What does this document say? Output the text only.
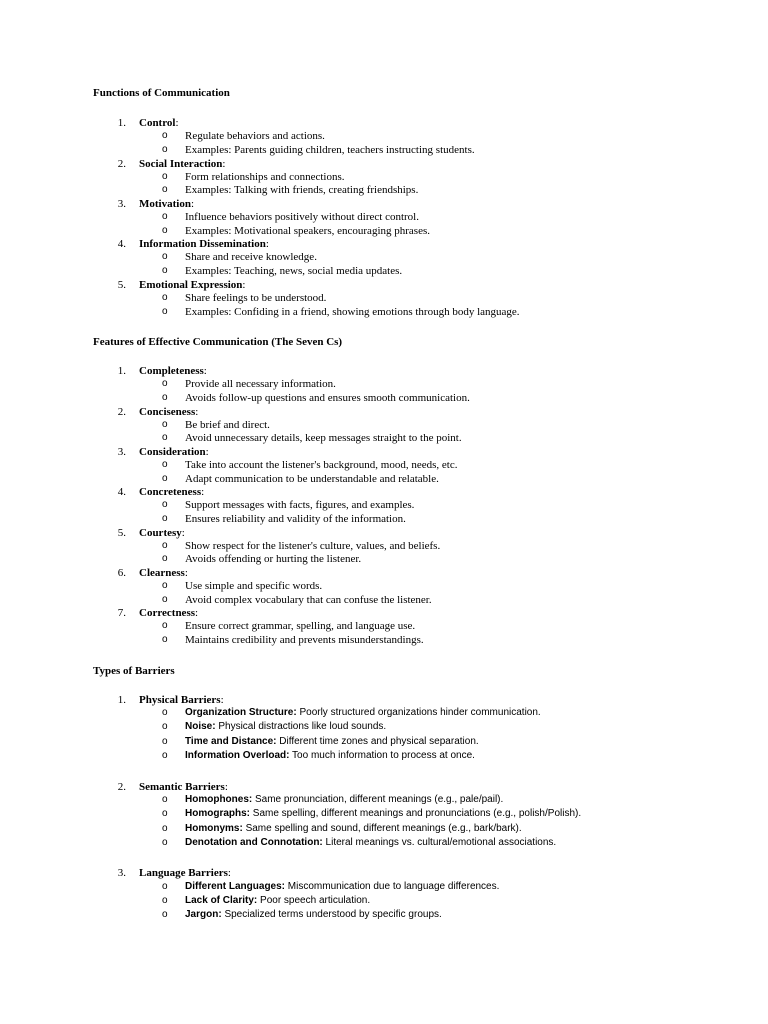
Functions of Communication
1. Control:
o Regulate behaviors and actions.
o Examples: Parents guiding children, teachers instructing students.
2. Social Interaction:
o Form relationships and connections.
o Examples: Talking with friends, creating friendships.
3. Motivation:
o Influence behaviors positively without direct control.
o Examples: Motivational speakers, encouraging phrases.
4. Information Dissemination:
o Share and receive knowledge.
o Examples: Teaching, news, social media updates.
5. Emotional Expression:
o Share feelings to be understood.
o Examples: Confiding in a friend, showing emotions through body language.
Features of Effective Communication (The Seven Cs)
1. Completeness:
o Provide all necessary information.
o Avoids follow-up questions and ensures smooth communication.
2. Conciseness:
o Be brief and direct.
o Avoid unnecessary details, keep messages straight to the point.
3. Consideration:
o Take into account the listener's background, mood, needs, etc.
o Adapt communication to be understandable and relatable.
4. Concreteness:
o Support messages with facts, figures, and examples.
o Ensures reliability and validity of the information.
5. Courtesy:
o Show respect for the listener's culture, values, and beliefs.
o Avoids offending or hurting the listener.
6. Clearness:
o Use simple and specific words.
o Avoid complex vocabulary that can confuse the listener.
7. Correctness:
o Ensure correct grammar, spelling, and language use.
o Maintains credibility and prevents misunderstandings.
Types of Barriers
1. Physical Barriers:
o Organization Structure: Poorly structured organizations hinder communication.
o Noise: Physical distractions like loud sounds.
o Time and Distance: Different time zones and physical separation.
o Information Overload: Too much information to process at once.
2. Semantic Barriers:
o Homophones: Same pronunciation, different meanings (e.g., pale/pail).
o Homographs: Same spelling, different meanings and pronunciations (e.g., polish/Polish).
o Homonyms: Same spelling and sound, different meanings (e.g., bark/bark).
o Denotation and Connotation: Literal meanings vs. cultural/emotional associations.
3. Language Barriers:
o Different Languages: Miscommunication due to language differences.
o Lack of Clarity: Poor speech articulation.
o Jargon: Specialized terms understood by specific groups.
